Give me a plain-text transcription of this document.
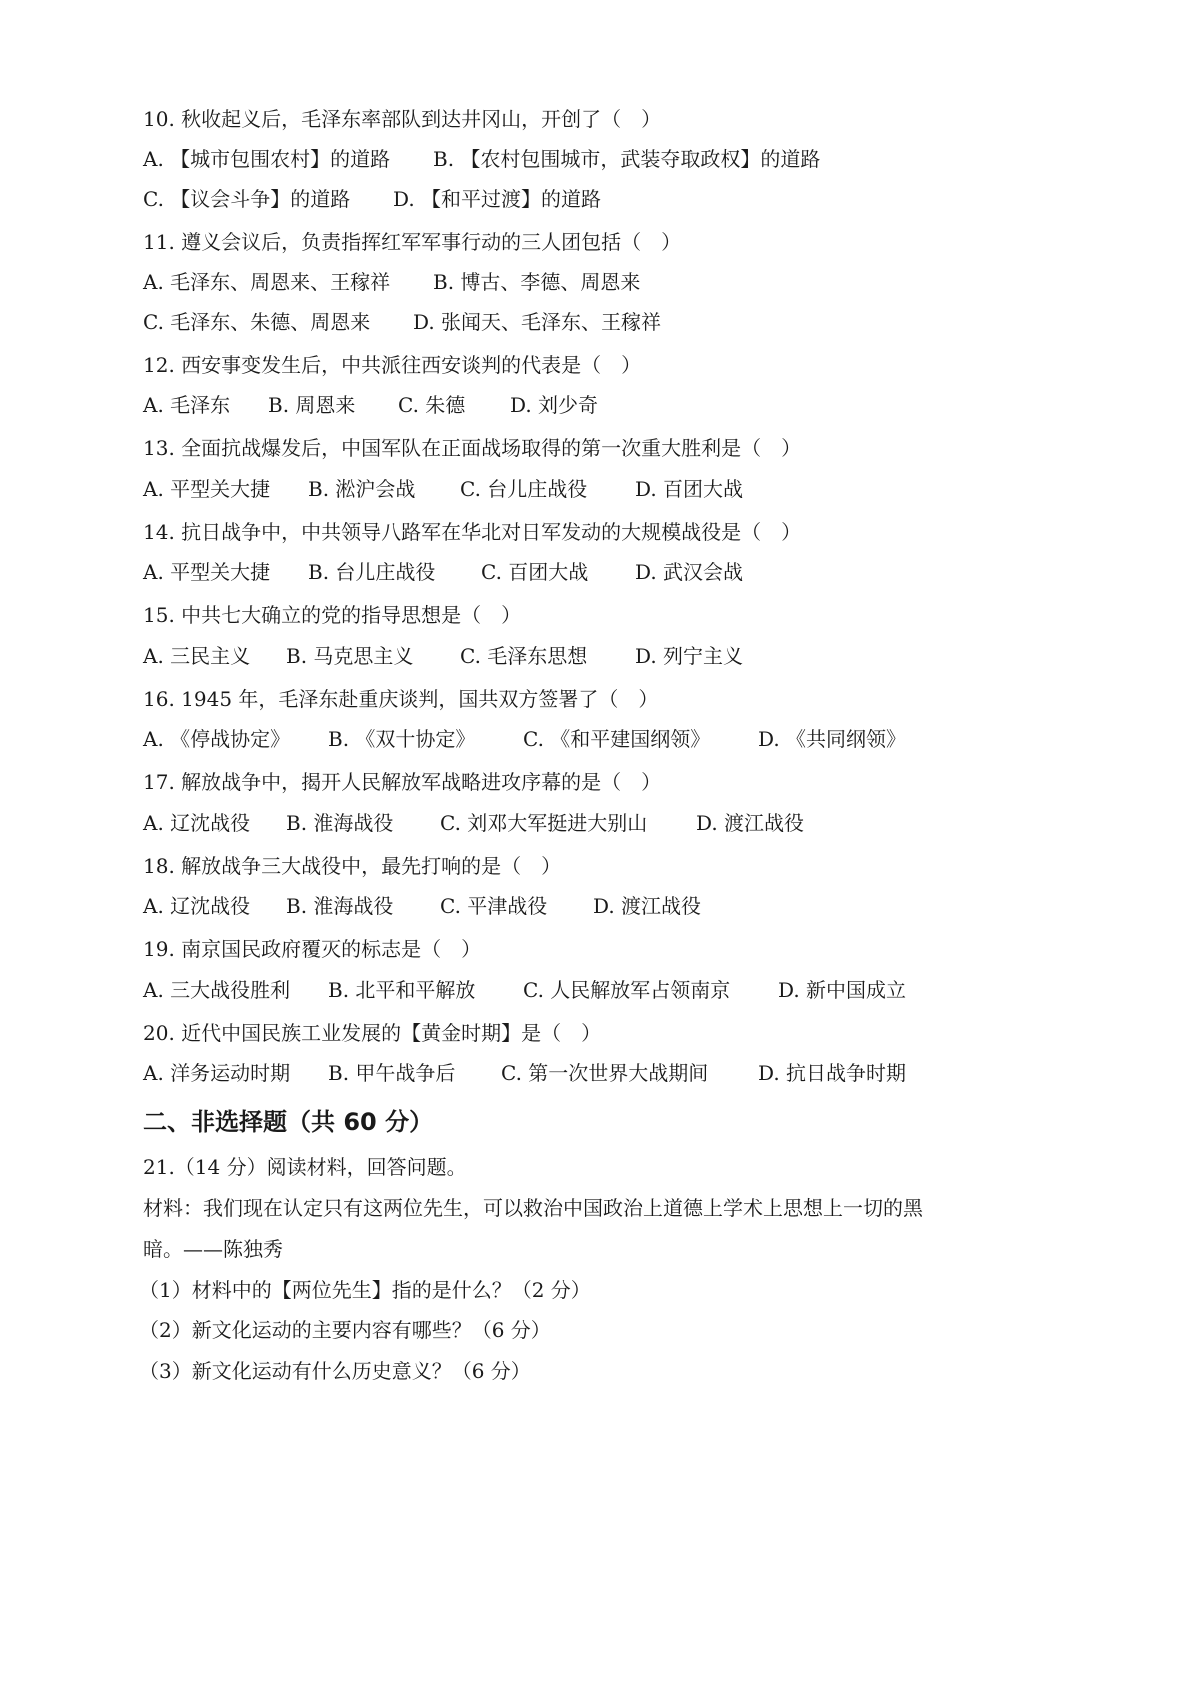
10. 秋收起义后，毛泽东率部队到达井冈山，开创了（　）
A. 【城市包围农村】的道路 B. 【农村包围城市，武装夺取政权】的道路
C. 【议会斗争】的道路 D. 【和平过渡】的道路
11. 遵义会议后，负责指挥红军军事行动的三人团包括（　）
A. 毛泽东、周恩来、王稼祥 B. 博古、李德、周恩来
C. 毛泽东、朱德、周恩来 D. 张闻天、毛泽东、王稼祥
12. 西安事变发生后，中共派往西安谈判的代表是（　）
A. 毛泽东 B. 周恩来 C. 朱德 D. 刘少奇
13. 全面抗战爆发后，中国军队在正面战场取得的第一次重大胜利是（　）
A. 平型关大捷 B. 淞沪会战 C. 台儿庄战役 D. 百团大战
14. 抗日战争中，中共领导八路军在华北对日军发动的大规模战役是（　）
A. 平型关大捷 B. 台儿庄战役 C. 百团大战 D. 武汉会战
15. 中共七大确立的党的指导思想是（　）
A. 三民主义 B. 马克思主义 C. 毛泽东思想 D. 列宁主义
16. 1945 年，毛泽东赴重庆谈判，国共双方签署了（　）
A. 《停战协定》 B. 《双十协定》 C. 《和平建国纲领》 D. 《共同纲领》
17. 解放战争中，揭开人民解放军战略进攻序幕的是（　）
A. 辽沈战役 B. 淮海战役 C. 刘邓大军挺进大别山 D. 渡江战役
18. 解放战争三大战役中，最先打响的是（　）
A. 辽沈战役 B. 淮海战役 C. 平津战役 D. 渡江战役
19. 南京国民政府覆灭的标志是（　）
A. 三大战役胜利 B. 北平和平解放 C. 人民解放军占领南京 D. 新中国成立
20. 近代中国民族工业发展的【黄金时期】是（　）
A. 洋务运动时期 B. 甲午战争后 C. 第一次世界大战期间 D. 抗日战争时期
二、非选择题（共 60 分）
21.（14 分）阅读材料，回答问题。
材料：我们现在认定只有这两位先生，可以救治中国政治上道德上学术上思想上一切的黑
暗。——陈独秀
（1）材料中的【两位先生】指的是什么？（2 分）
（2）新文化运动的主要内容有哪些？（6 分）
（3）新文化运动有什么历史意义？（6 分）
